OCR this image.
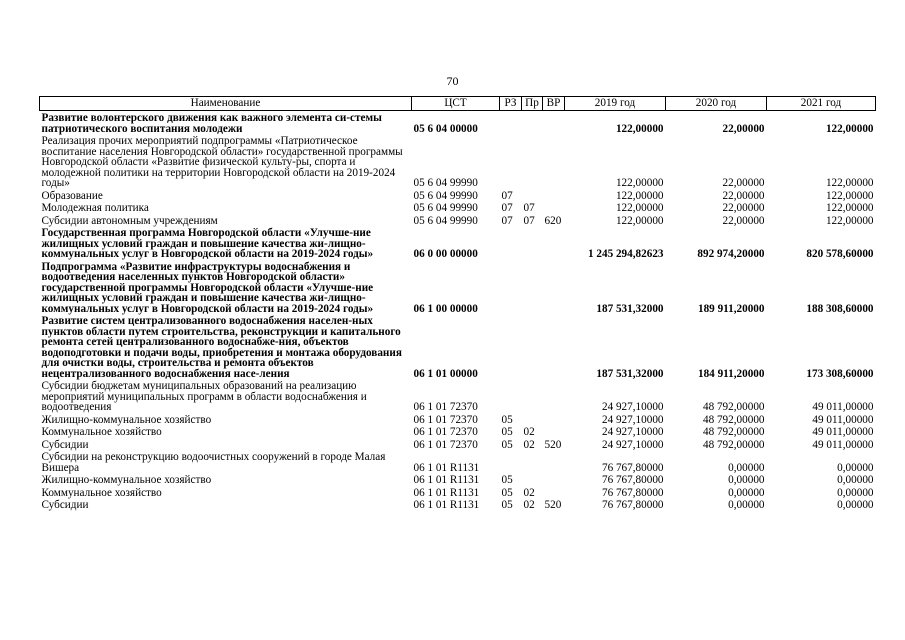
70
Наименование	ЦСТ	РЗ	Пр	ВР	2019 год	2020 год	2021 год
Развитие волонтерского движения как важного элемента си-стемы патриотического воспитания молодежи	05 6 04 00000				122,00000	22,00000	122,00000
Реализация прочих мероприятий подпрограммы «Патриотическое воспитание населения Новгородской области» государственной программы Новгородской области «Развитие физической культу-ры, спорта и молодежной политики на территории Новгородской области на 2019-2024 годы»	05 6 04 99990				122,00000	22,00000	122,00000
Образование	05 6 04 99990	07			122,00000	22,00000	122,00000
Молодежная политика	05 6 04 99990	07	07		122,00000	22,00000	122,00000
Субсидии автономным учреждениям	05 6 04 99990	07	07	620	122,00000	22,00000	122,00000
Государственная программа Новгородской области «Улучше-ние жилищных условий граждан и повышение качества жи-лищно-коммунальных услуг в Новгородской области на 2019-2024 годы»	06 0 00 00000				1 245 294,82623	892 974,20000	820 578,60000
Подпрограмма «Развитие инфраструктуры водоснабжения и водоотведения населенных пунктов Новгородской области» государственной программы Новгородской области «Улучше-ние жилищных условий граждан и повышение качества жи-лищно-коммунальных услуг в Новгородской области на 2019-2024 годы»	06 1 00 00000				187 531,32000	189 911,20000	188 308,60000
Развитие систем централизованного водоснабжения населен-ных пунктов области путем строительства, реконструкции и капитального ремонта сетей централизованного водоснабже-ния, объектов водоподготовки и подачи воды, приобретения и монтажа оборудования для очистки воды, строительства и ремонта объектов нецентрализованного водоснабжения насе-ления	06 1 01 00000				187 531,32000	184 911,20000	173 308,60000
Субсидии бюджетам муниципальных образований на реализацию мероприятий муниципальных программ в области водоснабжения и водоотведения	06 1 01 72370				24 927,10000	48 792,00000	49 011,00000
Жилищно-коммунальное хозяйство	06 1 01 72370	05			24 927,10000	48 792,00000	49 011,00000
Коммунальное хозяйство	06 1 01 72370	05	02		24 927,10000	48 792,00000	49 011,00000
Субсидии	06 1 01 72370	05	02	520	24 927,10000	48 792,00000	49 011,00000
Субсидии на реконструкцию водоочистных сооружений в городе Малая Вишера	06 1 01 R1131				76 767,80000	0,00000	0,00000
Жилищно-коммунальное хозяйство	06 1 01 R1131	05			76 767,80000	0,00000	0,00000
Коммунальное хозяйство	06 1 01 R1131	05	02		76 767,80000	0,00000	0,00000
Субсидии	06 1 01 R1131	05	02	520	76 767,80000	0,00000	0,00000
